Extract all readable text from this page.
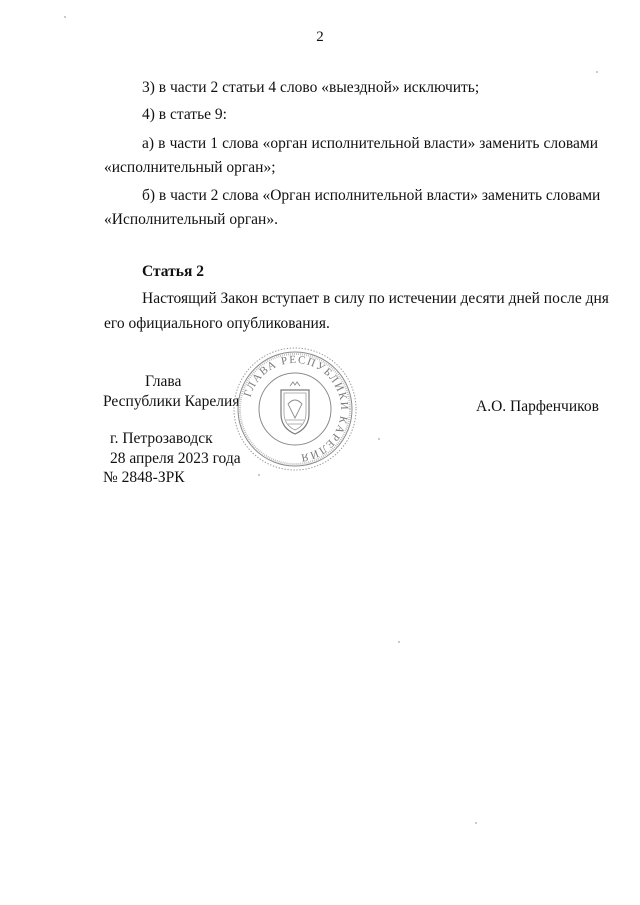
2
3) в части 2 статьи 4 слово «выездной» исключить;
4) в статье 9:
а) в части 1 слова «орган исполнительной власти» заменить словами
«исполнительный орган»;
б) в части 2 слова «Орган исполнительной власти» заменить словами
«Исполнительный орган».
Статья 2
Настоящий Закон вступает в силу по истечении десяти дней после дня
его официального опубликования.
Глава
Республики Карелия	А.О. Парфенчиков
ГЛАВА РЕСПУБЛИКИ КАРЕЛИЯ
г. Петрозаводск
28 апреля 2023 года
№ 2848-ЗРК
